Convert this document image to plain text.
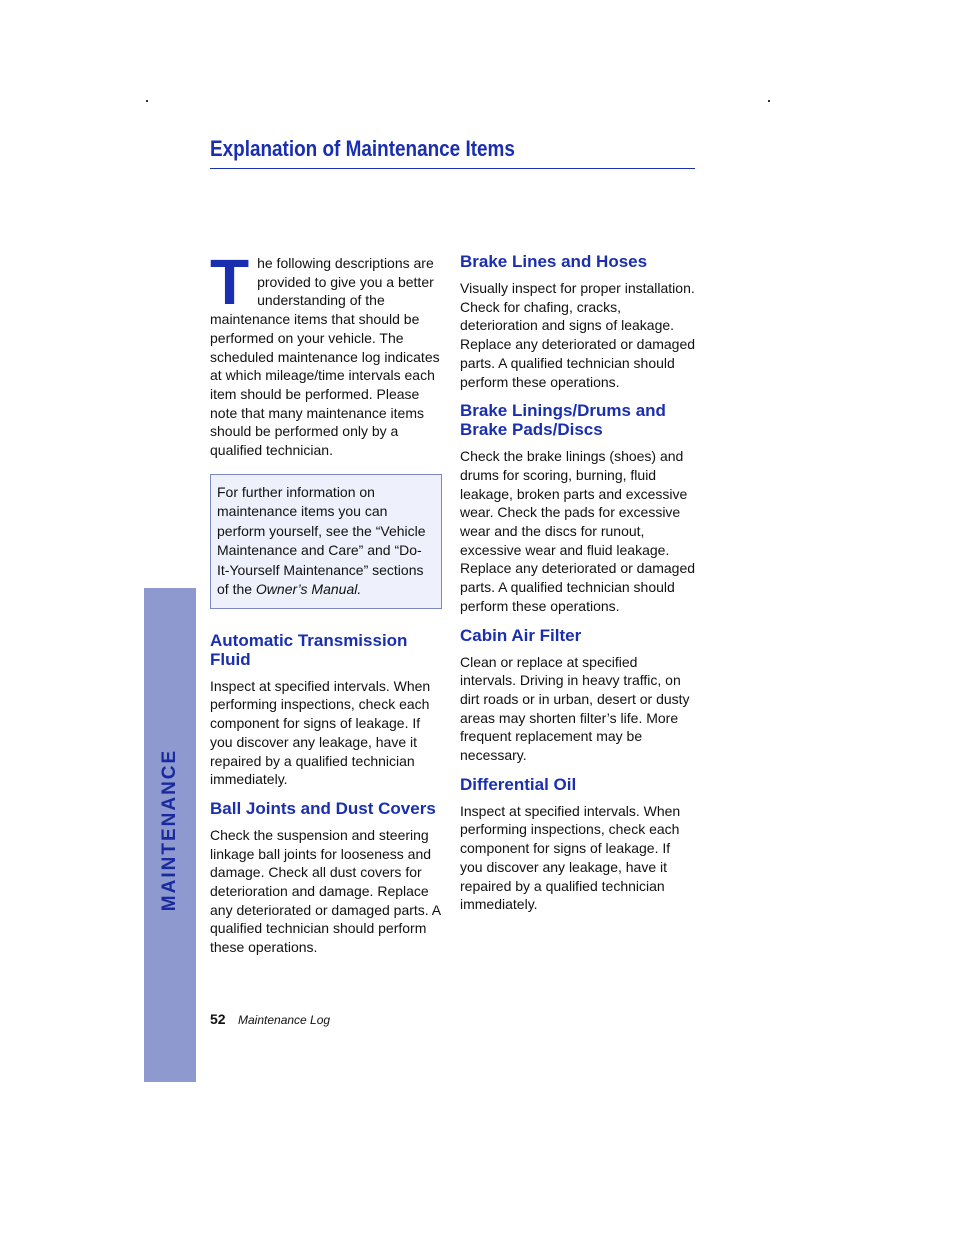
MAINTENANCE
Explanation of Maintenance Items

The following descriptions are provided to give you a better understanding of the maintenance items that should be performed on your vehicle. The scheduled maintenance log indicates at which mileage/time intervals each item should be performed. Please note that many maintenance items should be performed only by a qualified technician.

For further information on maintenance items you can perform yourself, see the “Vehicle Maintenance and Care” and “Do-It-Yourself Maintenance” sections of the Owner’s Manual.
Automatic Transmission Fluid

Inspect at specified intervals. When performing inspections, check each component for signs of leakage. If you discover any leakage, have it repaired by a qualified technician immediately.

Ball Joints and Dust Covers

Check the suspension and steering linkage ball joints for looseness and damage. Check all dust covers for deterioration and damage. Replace any deteriorated or damaged parts. A qualified technician should perform these operations.

Brake Lines and Hoses

Visually inspect for proper installation. Check for chafing, cracks, deterioration and signs of leakage. Replace any deteriorated or damaged parts. A qualified technician should perform these operations.

Brake Linings/Drums and Brake Pads/Discs

Check the brake linings (shoes) and drums for scoring, burning, fluid leakage, broken parts and excessive wear. Check the pads for excessive wear and the discs for runout, excessive wear and fluid leakage. Replace any deteriorated or damaged parts. A qualified technician should perform these operations.

Cabin Air Filter

Clean or replace at specified intervals. Driving in heavy traffic, on dirt roads or in urban, desert or dusty areas may shorten filter’s life. More frequent replacement may be necessary.

Differential Oil

Inspect at specified intervals. When performing inspections, check each component for signs of leakage. If you discover any leakage, have it repaired by a qualified technician immediately.

52 Maintenance Log
